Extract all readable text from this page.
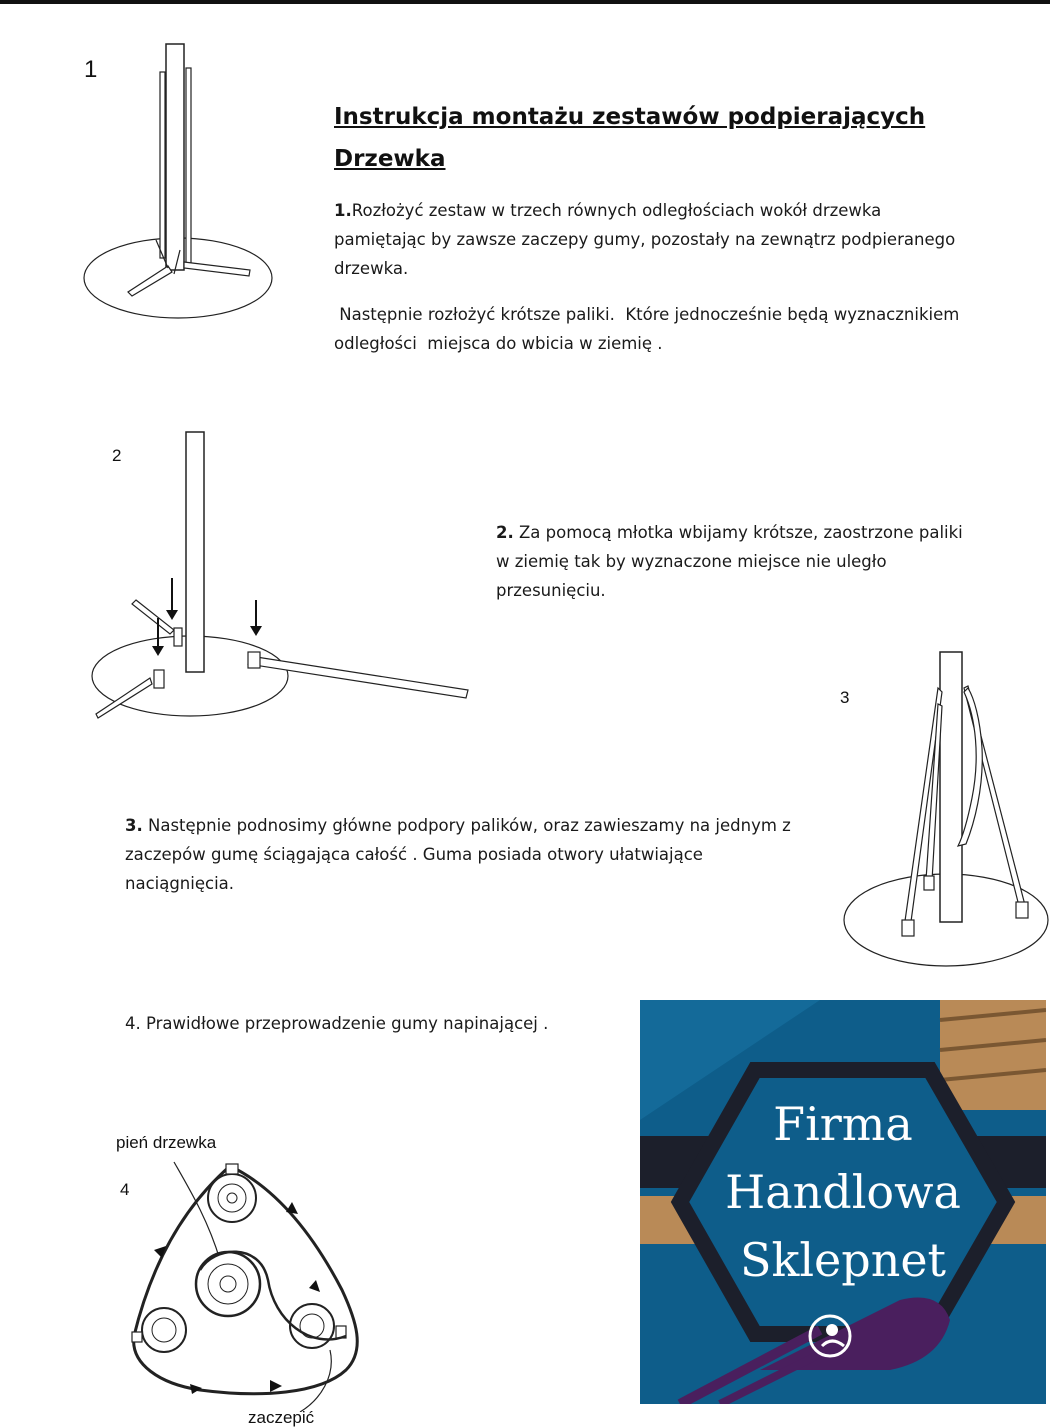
1
Instrukcja montażu zestawów podpierających
Drzewka
1.Rozłożyć zestaw w trzech równych odległościach wokół drzewka pamiętając by zawsze zaczepy gumy, pozostały na zewnątrz podpieranego drzewka.
Następnie rozłożyć krótsze paliki.  Które jednocześnie będą wyznacznikiem odległości  miejsca do wbicia w ziemię .
2
2. Za pomocą młotka wbijamy krótsze, zaostrzone paliki w ziemię tak by wyznaczone miejsce nie uległo przesunięciu.
3
3. Następnie podnosimy główne podpory palików, oraz zawieszamy na jednym z zaczepów gumę ściągająca całość . Guma posiada otwory ułatwiające naciągnięcia.
4. Prawidłowe przeprowadzenie gumy napinającej .
pień drzewka
4
zaczepić
Firma
Handlowa
Sklepnet
